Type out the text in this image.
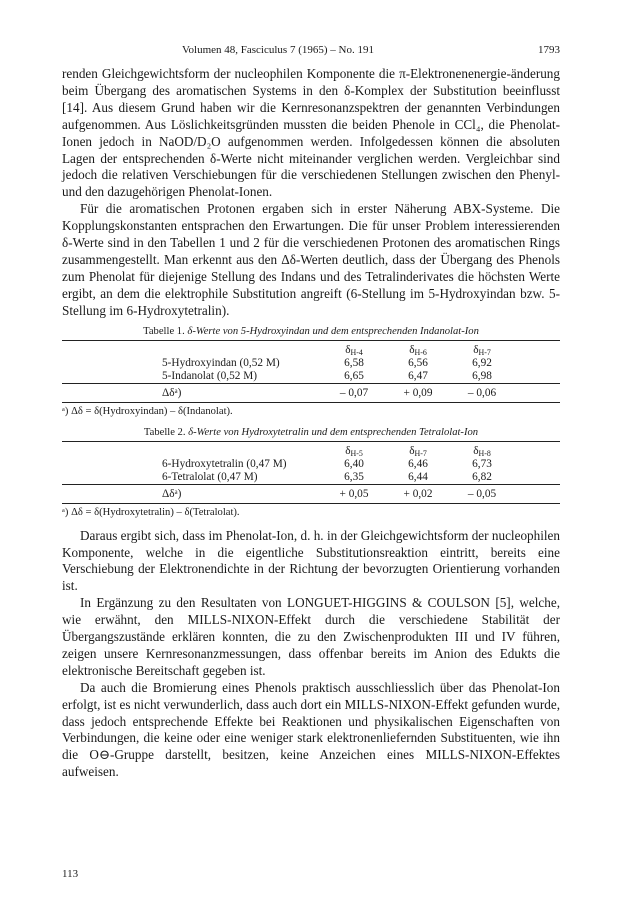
Volumen 48, Fasciculus 7 (1965) – No. 191	1793

renden Gleichgewichtsform der nucleophilen Komponente die π-Elektronenenergie-änderung beim Übergang des aromatischen Systems in den δ-Komplex der Substitution beeinflusst [14]. Aus diesem Grund haben wir die Kernresonanzspektren der genannten Verbindungen aufgenommen. Aus Löslichkeitsgründen mussten die beiden Phenole in CCl₄, die Phenolat-Ionen jedoch in NaOD/D₂O aufgenommen werden. Infolgedessen können die absoluten Lagen der entsprechenden δ-Werte nicht miteinander verglichen werden. Vergleichbar sind jedoch die relativen Verschiebungen für die verschiedenen Stellungen zwischen den Phenyl- und den dazugehörigen Phenolat-Ionen.

Für die aromatischen Protonen ergaben sich in erster Näherung ABX-Systeme. Die Kopplungskonstanten entsprachen den Erwartungen. Die für unser Problem interessierenden δ-Werte sind in den Tabellen 1 und 2 für die verschiedenen Protonen des aromatischen Rings zusammengestellt. Man erkennt aus den Δδ-Werten deutlich, dass der Übergang des Phenols zum Phenolat für diejenige Stellung des Indans und des Tetralinderivates die höchsten Werte ergibt, an dem die elektrophile Substitution angreift (6-Stellung im 5-Hydroxyindan bzw. 5-Stellung im 6-Hydroxytetralin).

Tabelle 1. δ-Werte von 5-Hydroxyindan und dem entsprechenden Indanolat-Ion
	$\delta_{H-4}$	$\delta_{H-6}$	$\delta_{H-7}$	
5-Hydroxyindan (0,52 M)	6,58	6,56	6,92	
5-Indanolat (0,52 M)	6,65	6,47	6,98	
Δδᵃ)	– 0,07	+ 0,09	– 0,06	
ᵃ) Δδ = δ(Hydroxyindan) – δ(Indanolat).
Tabelle 2. δ-Werte von Hydroxytetralin und dem entsprechenden Tetralolat-Ion
	$\delta_{H-5}$	$\delta_{H-7}$	$\delta_{H-8}$	
6-Hydroxytetralin (0,47 M)	6,40	6,46	6,73	
6-Tetralolat (0,47 M)	6,35	6,44	6,82	
Δδᵃ)	+ 0,05	+ 0,02	– 0,05	
ᵃ) Δδ = δ(Hydroxytetralin) – δ(Tetralolat).

Daraus ergibt sich, dass im Phenolat-Ion, d. h. in der Gleichgewichtsform der nucleophilen Komponente, welche in die eigentliche Substitutionsreaktion eintritt, bereits eine Verschiebung der Elektronendichte in der Richtung der bevorzugten Orientierung vorhanden ist.

In Ergänzung zu den Resultaten von LONGUET-HIGGINS & COULSON [5], welche, wie erwähnt, den MILLS-NIXON-Effekt durch die verschiedene Stabilität der Übergangszustände erklären konnten, die zu den Zwischenprodukten III und IV führen, zeigen unsere Kernresonanzmessungen, dass offenbar bereits im Anion des Edukts die elektronische Bereitschaft gegeben ist.

Da auch die Bromierung eines Phenols praktisch ausschliesslich über das Phenolat-Ion erfolgt, ist es nicht verwunderlich, dass auch dort ein MILLS-NIXON-Effekt gefunden wurde, dass jedoch entsprechende Effekte bei Reaktionen und physikalischen Eigenschaften von Verbindungen, die keine oder eine weniger stark elektronenliefernden Substituenten, wie ihn die O⊖-Gruppe darstellt, besitzen, keine Anzeichen eines MILLS-NIXON-Effektes aufweisen.

113
